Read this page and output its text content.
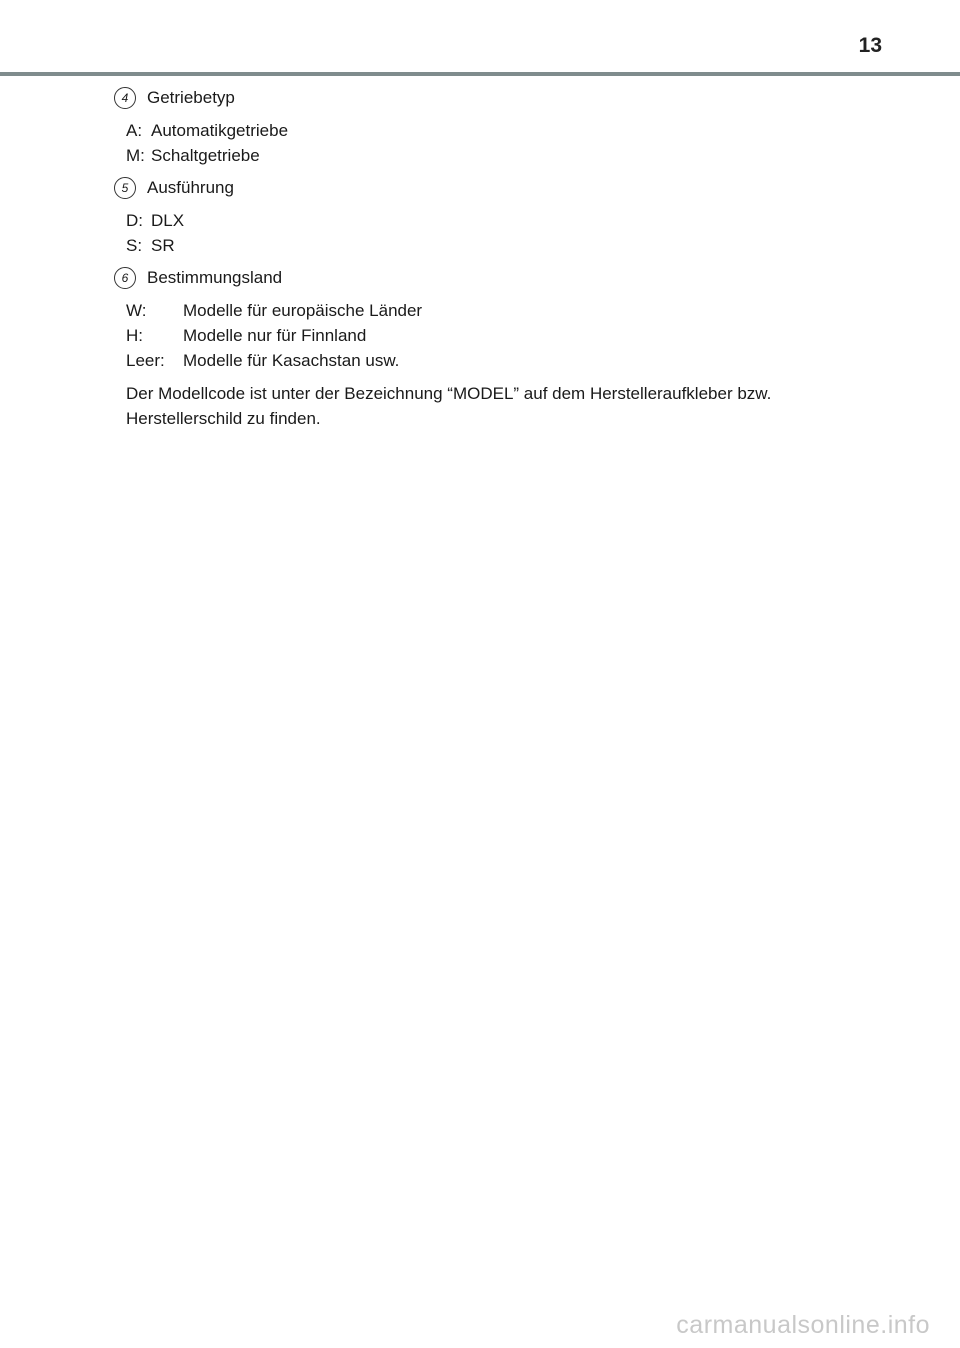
13
4	Getriebetyp
A: Automatikgetriebe
M: Schaltgetriebe
5	Ausführung
D: DLX
S: SR
6	Bestimmungsland
W:	Modelle für europäische Länder
H:	Modelle nur für Finnland
Leer:	Modelle für Kasachstan usw.
Der Modellcode ist unter der Bezeichnung “MODEL” auf dem Herstelleraufkleber bzw.
Herstellerschild zu finden.
carmanualsonline.info
